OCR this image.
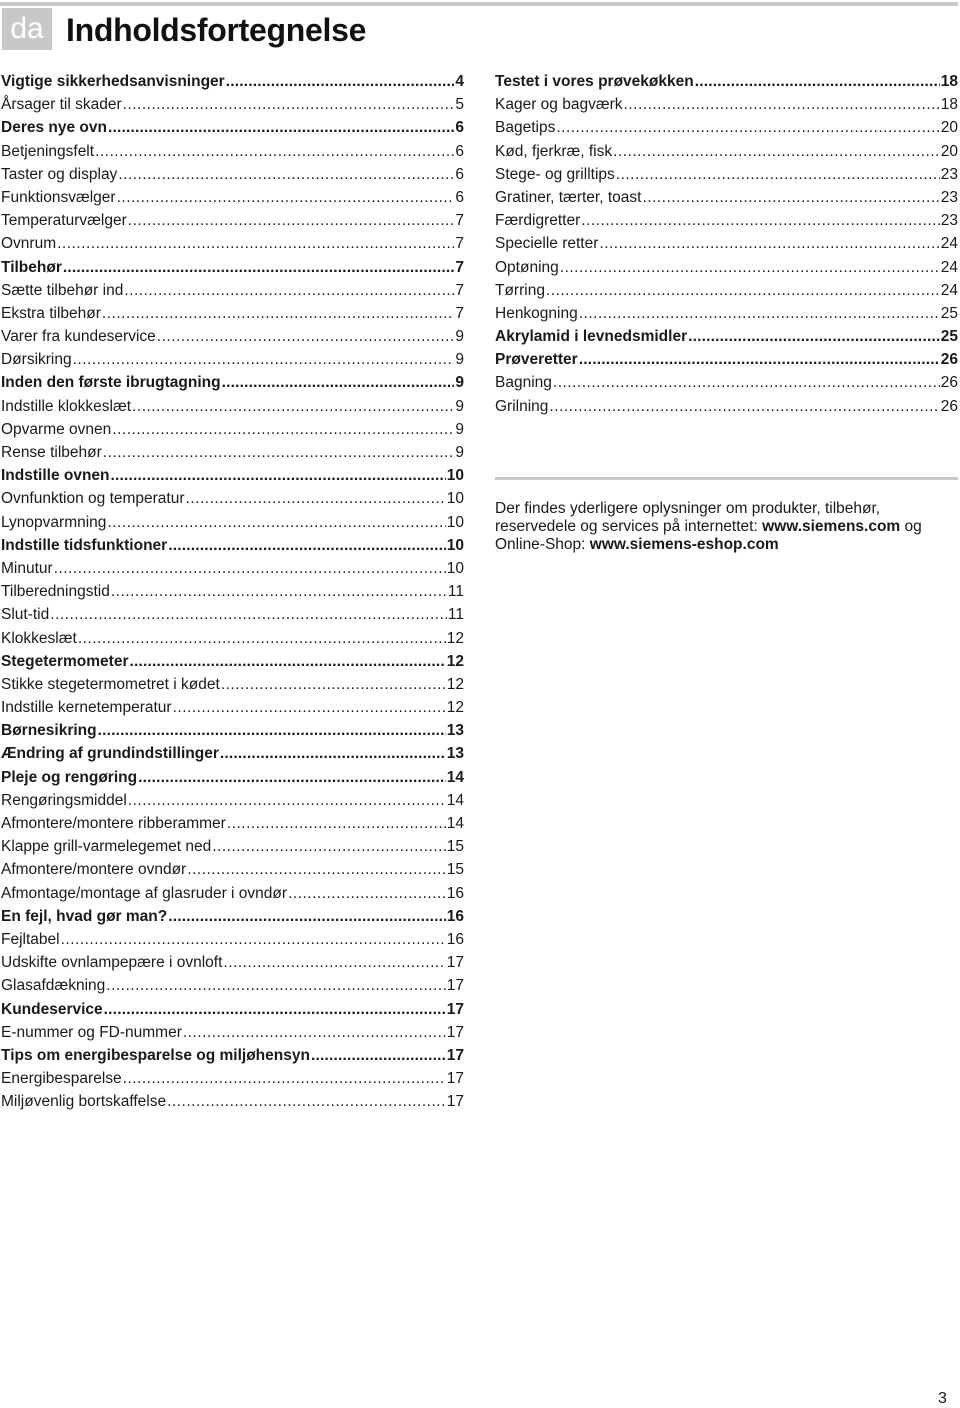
da Indholdsfortegnelse
Vigtige sikkerhedsanvisninger .....	4
Årsager til skader .....	5
Deres nye ovn .....	6
Betjeningsfelt .....	6
Taster og display .....	6
Funktionsvælger .....	6
Temperaturvælger .....	7
Ovnrum .....	7
Tilbehør .....	7
Sætte tilbehør ind .....	7
Ekstra tilbehør .....	7
Varer fra kundeservice .....	9
Dørsikring .....	9
Inden den første ibrugtagning .....	9
Indstille klokkeslæt .....	9
Opvarme ovnen .....	9
Rense tilbehør .....	9
Indstille ovnen .....	10
Ovnfunktion og temperatur .....	10
Lynopvarmning .....	10
Indstille tidsfunktioner .....	10
Minutur .....	10
Tilberedningstid .....	11
Slut-tid .....	11
Klokkeslæt .....	12
Stegetermometer .....	12
Stikke stegetermometret i kødet .....	12
Indstille kernetemperatur .....	12
Børnesikring .....	13
Ændring af grundindstillinger .....	13
Pleje og rengøring .....	14
Rengøringsmiddel .....	14
Afmontere/montere ribberammer .....	14
Klappe grill-varmelegemet ned .....	15
Afmontere/montere ovndør .....	15
Afmontage/montage af glasruder i ovndør .....	16
En fejl, hvad gør man? .....	16
Fejltabel .....	16
Udskifte ovnlampepære i ovnloft .....	17
Glasafdækning .....	17
Kundeservice .....	17
E-nummer og FD-nummer .....	17
Tips om energibesparelse og miljøhensyn .....	17
Energibesparelse .....	17
Miljøvenlig bortskaffelse .....	17
Testet i vores prøvekøkken .....	18
Kager og bagværk .....	18
Bagetips .....	20
Kød, fjerkræ, fisk .....	20
Stege- og grilltips .....	23
Gratiner, tærter, toast .....	23
Færdigretter .....	23
Specielle retter .....	24
Optøning .....	24
Tørring .....	24
Henkogning .....	25
Akrylamid i levnedsmidler .....	25
Prøveretter .....	26
Bagning .....	26
Grilning .....	26
Der findes yderligere oplysninger om produkter, tilbehør, reservedele og services på internettet: www.siemens.com og Online-Shop: www.siemens-eshop.com
3
